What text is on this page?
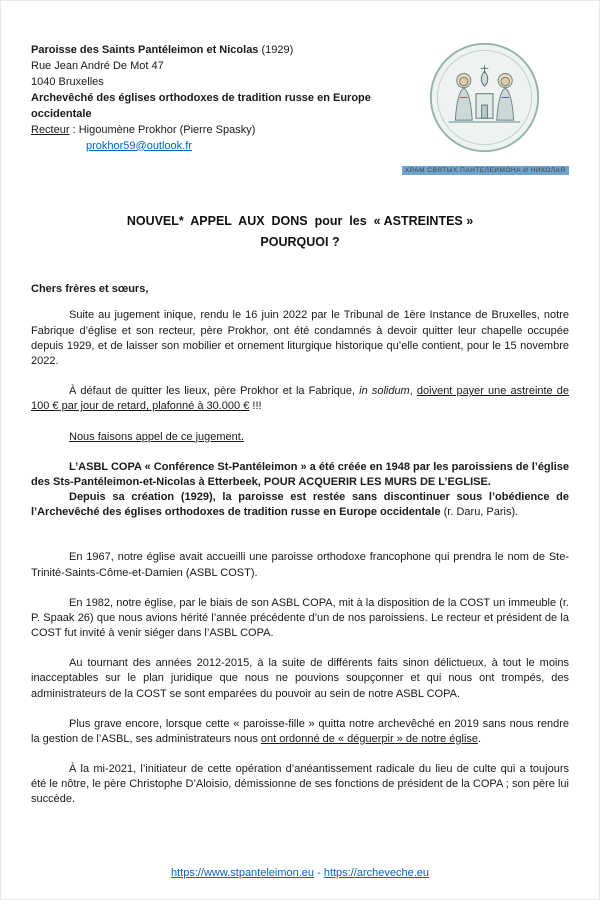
Paroisse des Saints Pantéleimon et Nicolas (1929)
Rue Jean André De Mot 47
1040 Bruxelles
Archevêché des églises orthodoxes de tradition russe en Europe occidentale
Recteur : Higoumène Prokhor (Pierre Spasky)
prokhor59@outlook.fr
ХРАМ СВЯТЫХ ПАНТЕЛЕИМОНА И НИКОЛАЯ
NOUVEL*  APPEL  AUX  DONS  pour  les  « ASTREINTES »
POURQUOI ?

Chers frères et sœurs,

Suite au jugement inique, rendu le 16 juin 2022 par le Tribunal de 1ère Instance de Bruxelles, notre Fabrique d’église et son recteur, père Prokhor, ont été condamnés à devoir quitter leur chapelle occupée depuis 1929, et de laisser son mobilier et ornement liturgique historique qu’elle contient, pour le 15 novembre 2022.

À défaut de quitter les lieux, père Prokhor et la Fabrique, in solidum, doivent payer une astreinte de 100 € par jour de retard, plafonné à 30.000 € !!!

Nous faisons appel de ce jugement.

L’ASBL COPA « Conférence St-Pantéleimon » a été créée en 1948 par les paroissiens de l’église des Sts-Pantéleimon-et-Nicolas à Etterbeek, POUR ACQUERIR LES MURS DE L’EGLISE.

Depuis sa création (1929), la paroisse est restée sans discontinuer sous l’obédience de l’Archevêché des églises orthodoxes de tradition russe en Europe occidentale (r. Daru, Paris).

En 1967, notre église avait accueilli une paroisse orthodoxe francophone qui prendra le nom de Ste-Trinité-Saints-Côme-et-Damien (ASBL COST).

En 1982, notre église, par le biais de son ASBL COPA, mit à la disposition de la COST un immeuble (r. P. Spaak 26) que nous avions hérité l’année précédente d’un de nos paroissiens. Le recteur et président de la COST fut invité à venir siéger dans l’ASBL COPA.

Au tournant des années 2012-2015, à la suite de différents faits sinon délictueux, à tout le moins inacceptables sur le plan juridique que nous ne pouvions soupçonner et qui nous ont trompés, des administrateurs de la COST se sont emparées du pouvoir au sein de notre ASBL COPA.

Plus grave encore, lorsque cette « paroisse-fille » quitta notre archevêché en 2019 sans nous rendre la gestion de l’ASBL, ses administrateurs nous ont ordonné de « déguerpir » de notre église.

À la mi-2021, l’initiateur de cette opération d’anéantissement radicale du lieu de culte qui a toujours été le nôtre, le père Christophe D’Aloisio, démissionne de ses fonctions de président de la COPA ; son père lui succède.

https://www.stpanteleimon.eu - https://archeveche.eu
